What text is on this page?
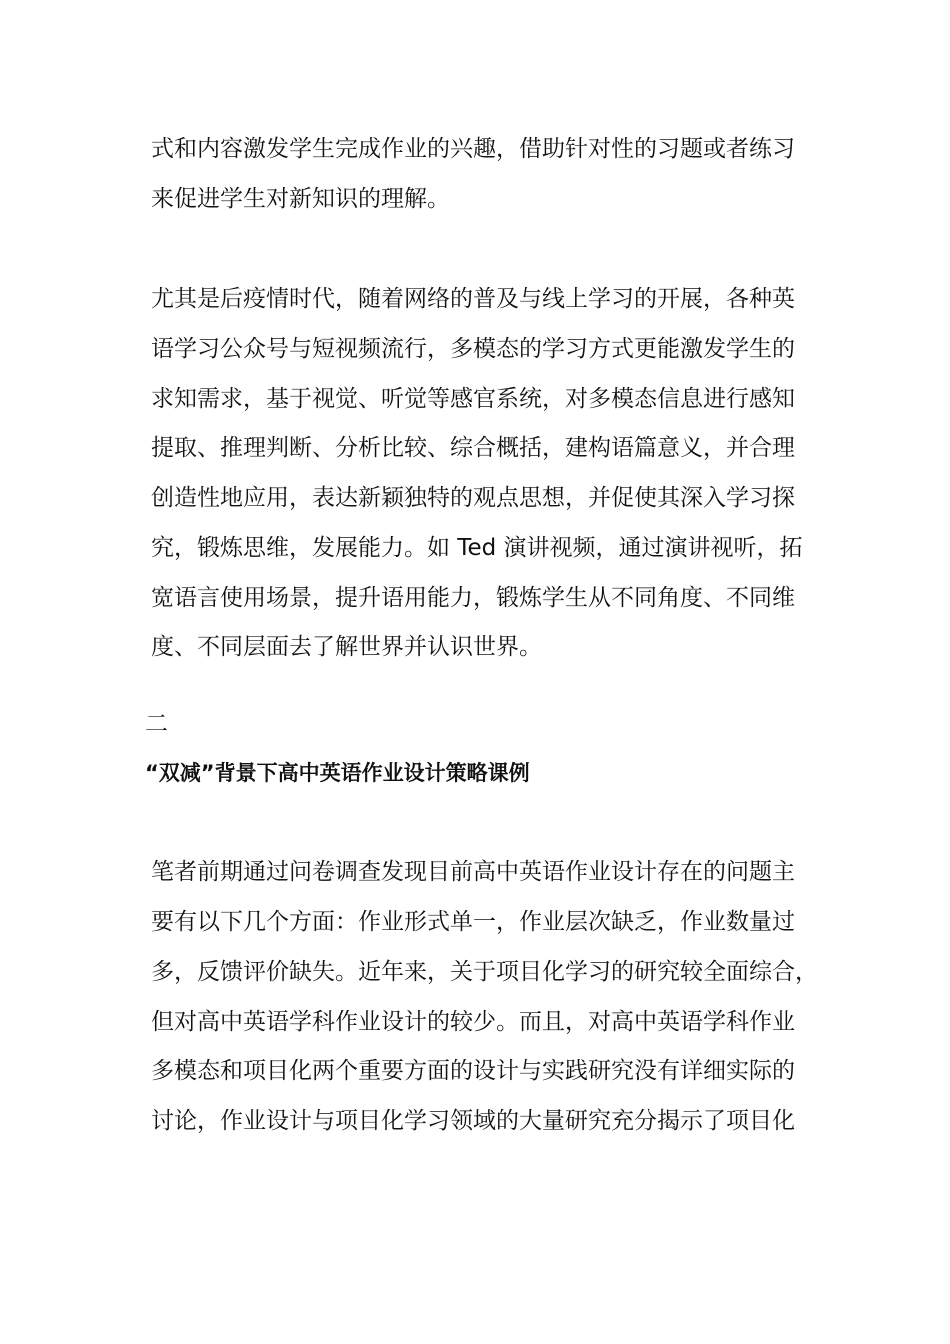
式和内容激发学生完成作业的兴趣，借助针对性的习题或者练习
来促进学生对新知识的理解。
尤其是后疫情时代，随着网络的普及与线上学习的开展，各种英
语学习公众号与短视频流行，多模态的学习方式更能激发学生的
求知需求，基于视觉、听觉等感官系统，对多模态信息进行感知
提取、推理判断、分析比较、综合概括，建构语篇意义，并合理
创造性地应用，表达新颖独特的观点思想，并促使其深入学习探
究，锻炼思维，发展能力。如 Ted 演讲视频，通过演讲视听，拓
宽语言使用场景，提升语用能力，锻炼学生从不同角度、不同维
度、不同层面去了解世界并认识世界。
二
“双减”背景下高中英语作业设计策略课例
笔者前期通过问卷调查发现目前高中英语作业设计存在的问题主
要有以下几个方面：作业形式单一，作业层次缺乏，作业数量过
多，反馈评价缺失。近年来，关于项目化学习的研究较全面综合，
但对高中英语学科作业设计的较少。而且，对高中英语学科作业
多模态和项目化两个重要方面的设计与实践研究没有详细实际的
讨论，作业设计与项目化学习领域的大量研究充分揭示了项目化
